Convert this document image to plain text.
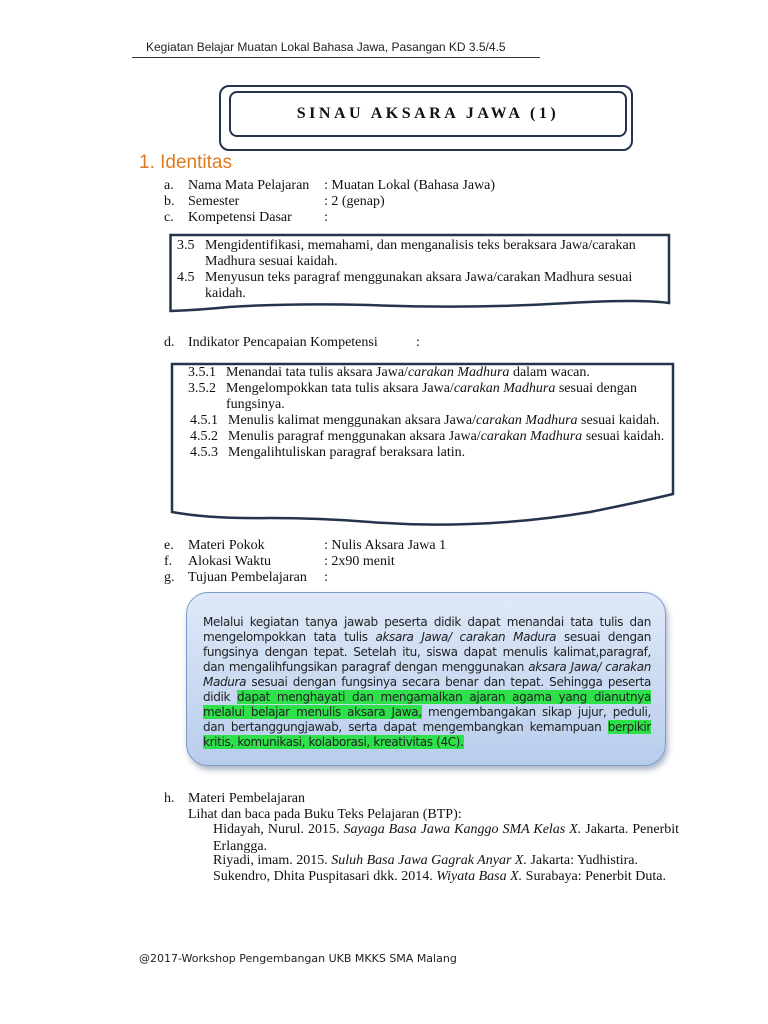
Kegiatan Belajar Muatan Lokal Bahasa Jawa, Pasangan KD 3.5/4.5
SINAU AKSARA JAWA (1)
1. Identitas
a. Nama Mata Pelajaran : Muatan Lokal (Bahasa Jawa)
b. Semester	: 2 (genap)
c. Kompetensi Dasar :
3.5 Mengidentifikasi, memahami, dan menganalisis teks beraksara Jawa/carakan Madhura sesuai kaidah.
4.5 Menyusun teks paragraf menggunakan aksara Jawa/carakan Madhura sesuai kaidah.
d. Indikator Pencapaian Kompetensi	:
3.5.1 Menandai tata tulis aksara Jawa/carakan Madhura dalam wacan.
3.5.2 Mengelompokkan tata tulis aksara Jawa/carakan Madhura sesuai dengan fungsinya.
4.5.1 Menulis kalimat menggunakan aksara Jawa/carakan Madhura sesuai kaidah.
4.5.2 Menulis paragraf menggunakan aksara Jawa/carakan Madhura sesuai kaidah.
4.5.3 Mengalihtuliskan paragraf beraksara latin.
e. Materi Pokok	: Nulis Aksara Jawa 1
f. Alokasi Waktu	: 2x90 menit
g. Tujuan Pembelajaran :
Melalui kegiatan tanya jawab peserta didik dapat menandai tata tulis dan mengelompokkan tata tulis aksara Jawa/ carakan Madura sesuai dengan fungsinya dengan tepat. Setelah itu, siswa dapat menulis kalimat,paragraf, dan mengalihfungsikan paragraf dengan menggunakan aksara Jawa/ carakan Madura sesuai dengan fungsinya secara benar dan tepat. Sehingga peserta didik dapat menghayati dan mengamalkan ajaran agama yang dianutnya melalui belajar menulis aksara Jawa, mengembangakan sikap jujur, peduli, dan bertanggungjawab, serta dapat mengembangkan kemampuan berpikir kritis, komunikasi, kolaborasi, kreativitas (4C).
h. Materi Pembelajaran
Lihat dan baca pada Buku Teks Pelajaran (BTP):
Hidayah, Nurul. 2015. Sayaga Basa Jawa Kanggo SMA Kelas X. Jakarta. Penerbit Erlangga.
Riyadi, imam. 2015. Suluh Basa Jawa Gagrak Anyar X. Jakarta: Yudhistira.
Sukendro, Dhita Puspitasari dkk. 2014. Wiyata Basa X. Surabaya: Penerbit Duta.
@2017-Workshop Pengembangan UKB MKKS SMA Malang
